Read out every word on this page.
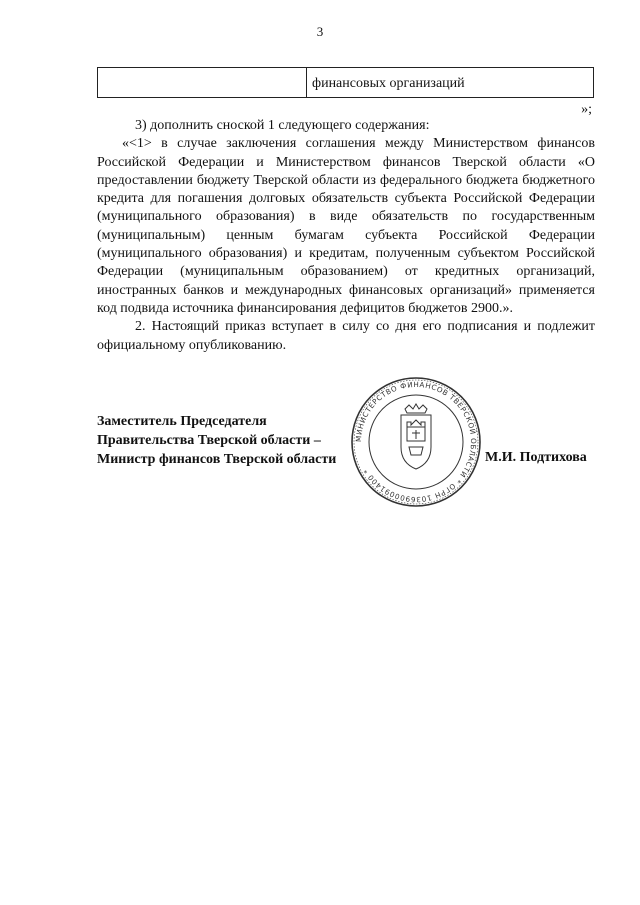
3
финансовых организаций
»;

3) дополнить сноской 1 следующего содержания:

«<1> в случае заключения соглашения между Министерством финансов Российской Федерации и Министерством финансов Тверской области «О предоставлении бюджету Тверской области из федерального бюджета бюджетного кредита для погашения долговых обязательств субъекта Российской Федерации (муниципального образования) в виде обязательств по государственным (муниципальным) ценным бумагам субъекта Российской Федерации (муниципального образования) и кредитам, полученным субъектом Российской Федерации (муниципальным образованием) от кредитных организаций, иностранных банков и международных финансовых организаций» применяется код подвида источника финансирования дефицитов бюджетов 2900.».

2. Настоящий приказ вступает в силу со дня его подписания и подлежит официальному опубликованию.

Заместитель Председателя
Правительства Тверской области –
Министр финансов Тверской области	М.И. Подтихова
МИНИСТЕРСТВО ФИНАНСОВ ТВЕРСКОЙ ОБЛАСТИ * ОГРН 1036900091400 *
